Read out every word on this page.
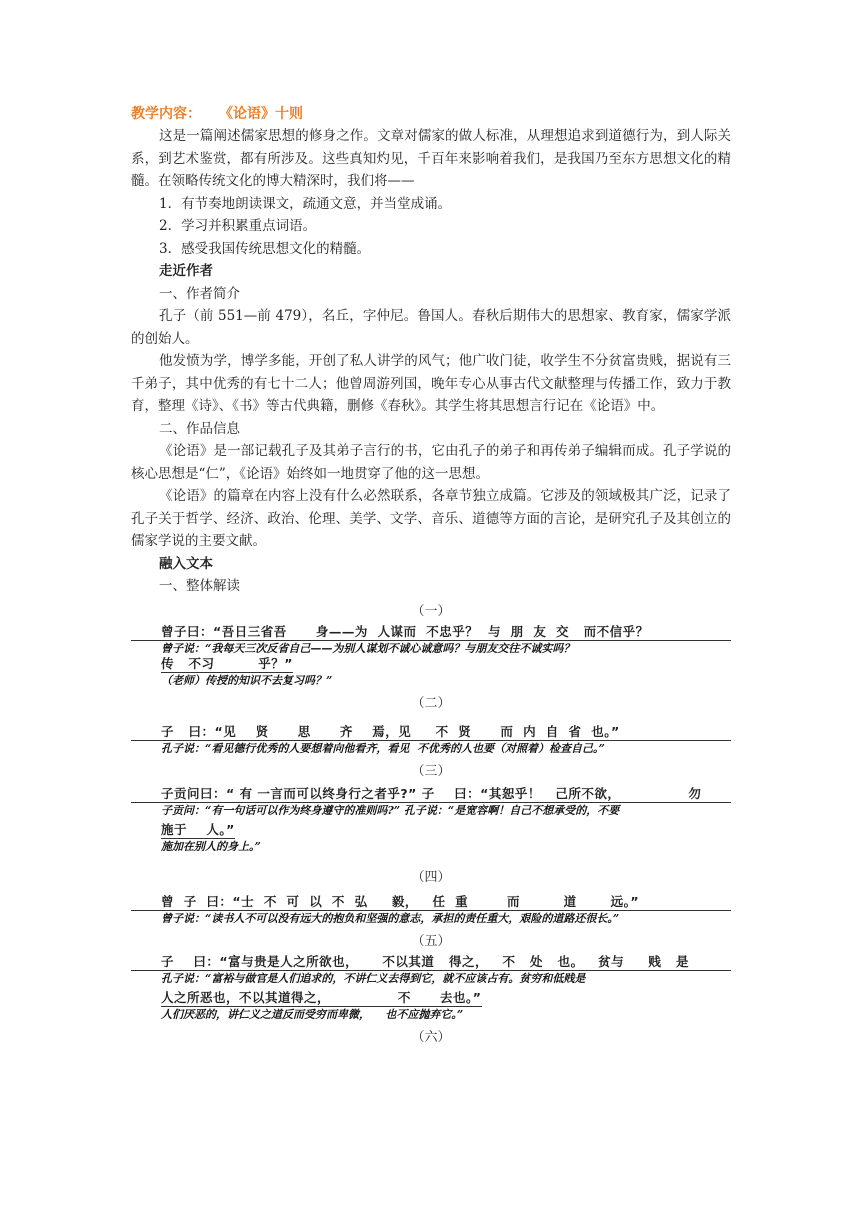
教学内容： 《论语》十则

这是一篇阐述儒家思想的修身之作。文章对儒家的做人标准，从理想追求到道德行为，到人际关系，到艺术鉴赏，都有所涉及。这些真知灼见，千百年来影响着我们，是我国乃至东方思想文化的精髓。在领略传统文化的博大精深时，我们将——

1．有节奏地朗读课文，疏通文意，并当堂成诵。

2．学习并积累重点词语。

3．感受我国传统思想文化的精髓。

走近作者

一、作者简介

孔子（前 551—前 479），名丘，字仲尼。鲁国人。春秋后期伟大的思想家、教育家，儒家学派的创始人。

他发愤为学，博学多能，开创了私人讲学的风气；他广收门徒，收学生不分贫富贵贱，据说有三千弟子，其中优秀的有七十二人；他曾周游列国，晚年专心从事古代文献整理与传播工作，致力于教育，整理《诗》、《书》等古代典籍，删修《春秋》。其学生将其思想言行记在《论语》中。

二、作品信息

《论语》是一部记载孔子及其弟子言行的书，它由孔子的弟子和再传弟子编辑而成。孔子学说的核心思想是“仁”，《论语》始终如一地贯穿了他的这一思想。

《论语》的篇章在内容上没有什么必然联系，各章节独立成篇。它涉及的领域极其广泛，记录了孔子关于哲学、经济、政治、伦理、美学、文学、音乐、道德等方面的言论，是研究孔子及其创立的儒家学说的主要文献。

融入文本

一、整体解读

（一）

曾子曰：“吾日三省吾      身——为  人谋而  不忠乎？  与  朋  友  交   而不信乎？
曾子说：“我每天三次反省自己——为别人谋划不诚心诚意吗？与朋友交往不诚实吗？
传   不习         乎？”
（老师）传授的知识不去复习吗？”

（二）

子   曰：“见    贤      思      齐    焉，见     不  贤      而  内  自  省  也。”
孔子说：“看见德行优秀的人要想着向他看齐，看见  不优秀的人也要（对照着）检查自己。”

（三）

子贡问曰：“ 有 一言而可以终身行之者乎?” 子    曰：“其恕乎！   己所不欲，              勿
子贡问：“有一句话可以作为终身遵守的准则吗?” 孔子说：“是宽容啊！自己不想承受的，不要
施于    人。”
施加在别人的身上。”

（四）

曾  子  曰：“士  不  可  以  不  弘     毅，   任  重        而         道       远。”
曾子说：“读书人不可以没有远大的抱负和坚强的意志，承担的责任重大，艰险的道路还很长。”

（五）

子    曰：“富与贵是人之所欲也，     不以其道   得之，   不   处   也。   贫与     贱   是
孔子说：“富裕与做官是人们追求的，不讲仁义去得到它，就不应该占有。贫穷和低贱是
人之所恶也，不以其道得之，              不      去也。”
人们厌恶的，讲仁义之道反而受穷而卑微，    也不应抛弃它。”

（六）
